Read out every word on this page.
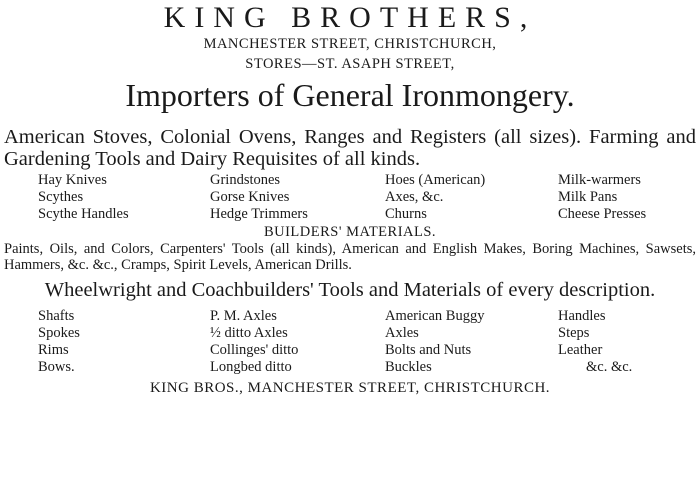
KING BROTHERS,
MANCHESTER STREET, CHRISTCHURCH,
STORES—ST. ASAPH STREET,
Importers of General Ironmongery.
American Stoves, Colonial Ovens, Ranges and Registers (all sizes). Farming and Gardening Tools and Dairy Requisites of all kinds.
Hay Knives
Scythes
Scythe Handles
Grindstones
Gorse Knives
Hedge Trimmers
Hoes (American)
Axes, &c.
Churns
Milk-warmers
Milk Pans
Cheese Presses
BUILDERS' MATERIALS.
Paints, Oils, and Colors, Carpenters' Tools (all kinds), American and English Makes, Boring Machines, Sawsets, Hammers, &c. &c., Cramps, Spirit Levels, American Drills.
Wheelwright and Coachbuilders' Tools and Materials of every description.
Shafts
Spokes
Rims
Bows.
P. M. Axles
½ ditto Axles
Collinges' ditto
Longbed ditto
American Buggy
Axles
Bolts and Nuts
Buckles
Handles
Steps
Leather
&c. &c.
KING BROS., MANCHESTER STREET, CHRISTCHURCH.
